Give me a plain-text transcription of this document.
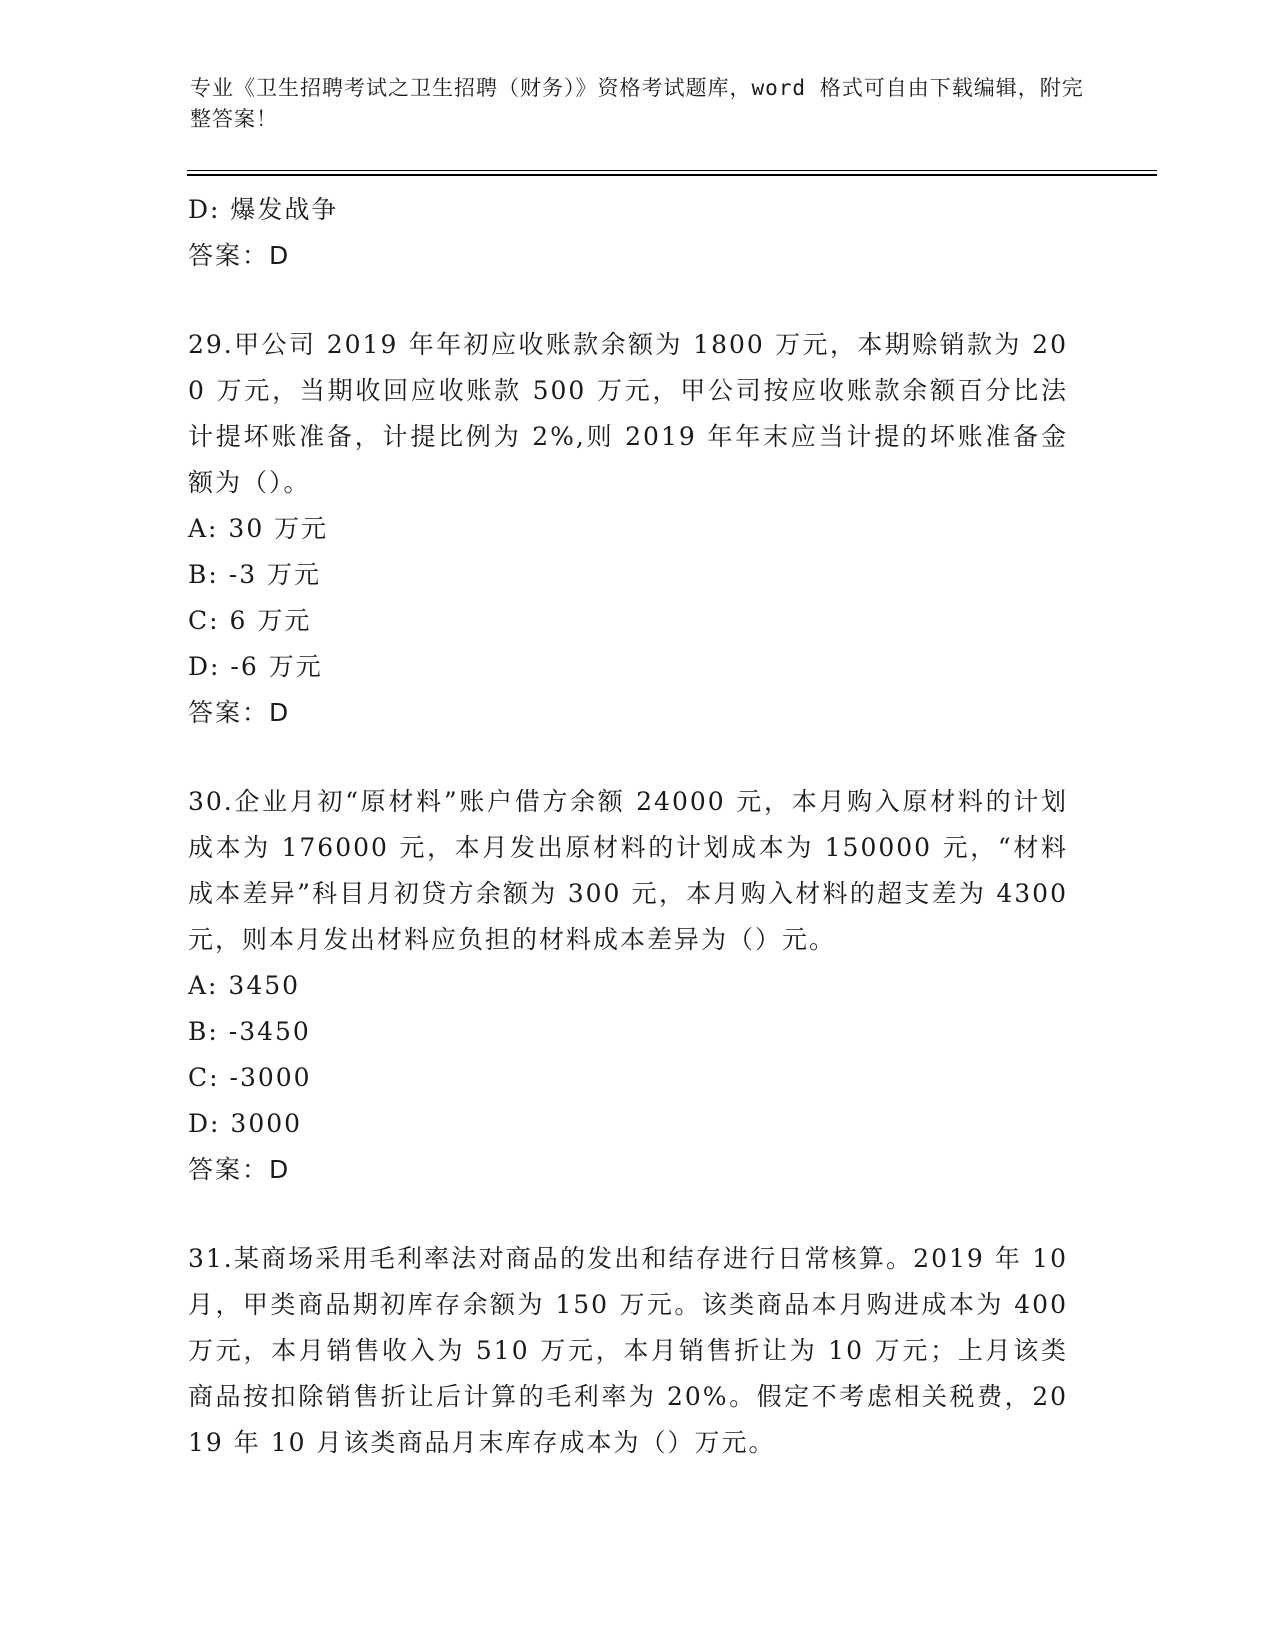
专业《卫生招聘考试之卫生招聘（财务）》资格考试题库，word 格式可自由下载编辑，附完整答案！
D: 爆发战争
答案：D
29.甲公司 2019 年年初应收账款余额为 1800 万元，本期赊销款为 200 万元，当期收回应收账款 500 万元，甲公司按应收账款余额百分比法计提坏账准备，计提比例为 2%,则 2019 年年末应当计提的坏账准备金额为（）。
A: 30 万元
B: -3 万元
C: 6 万元
D: -6 万元
答案：D
30.企业月初“原材料”账户借方余额 24000 元，本月购入原材料的计划成本为 176000 元，本月发出原材料的计划成本为 150000 元，“材料成本差异”科目月初贷方余额为 300 元，本月购入材料的超支差为 4300 元，则本月发出材料应负担的材料成本差异为（）元。
A: 3450
B: -3450
C: -3000
D: 3000
答案：D
31.某商场采用毛利率法对商品的发出和结存进行日常核算。2019 年 10 月，甲类商品期初库存余额为 150 万元。该类商品本月购进成本为 400 万元，本月销售收入为 510 万元，本月销售折让为 10 万元；上月该类商品按扣除销售折让后计算的毛利率为 20%。假定不考虑相关税费，2019 年 10 月该类商品月末库存成本为（）万元。
